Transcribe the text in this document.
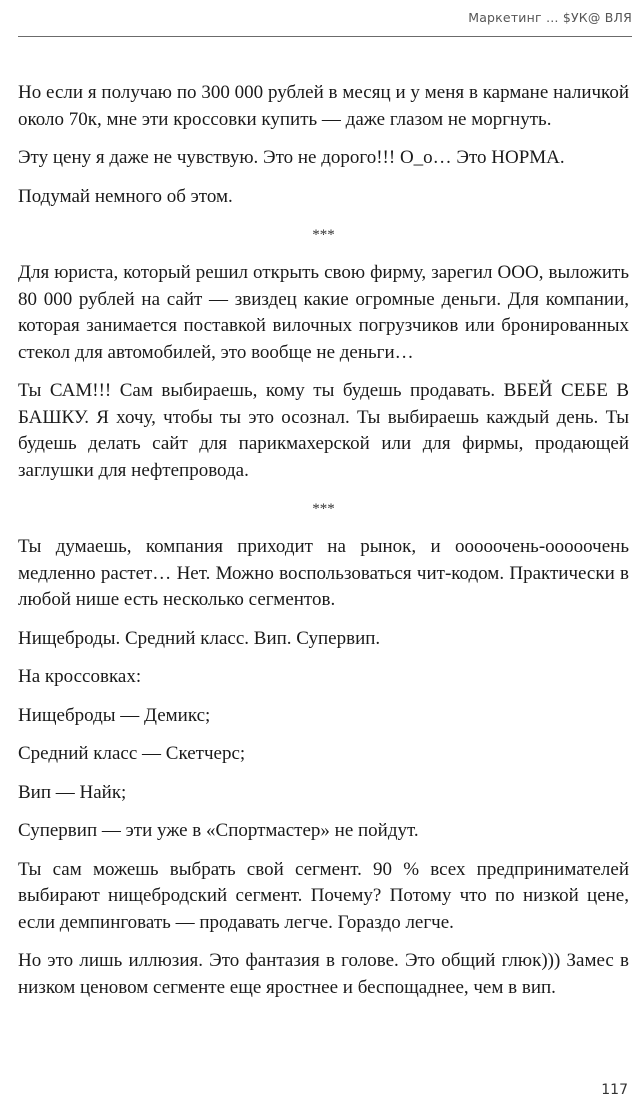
Маркетинг … $УК@ ВЛЯ

Но если я получаю по 300 000 рублей в месяц и у меня в кармане наличкой около 70к, мне эти кроссовки купить — даже глазом не моргнуть.

Эту цену я даже не чувствую. Это не дорого!!! О_о… Это НОРМА.

Подумай немного об этом.

***

Для юриста, который решил открыть свою фирму, зарегил ООО, выложить 80 000 рублей на сайт — звиздец какие огромные деньги. Для компании, которая занимается поставкой вилочных погрузчиков или бронированных стекол для автомобилей, это вообще не деньги…

Ты САМ!!! Сам выбираешь, кому ты будешь продавать. ВБЕЙ СЕБЕ В БАШКУ. Я хочу, чтобы ты это осознал. Ты выбираешь каждый день. Ты будешь делать сайт для парикмахерской или для фирмы, продающей заглушки для нефтепровода.

***

Ты думаешь, компания приходит на рынок, и ооооочень-ооооочень медленно растет… Нет. Можно воспользоваться чит-кодом. Практически в любой нише есть несколько сегментов.

Нищеброды. Средний класс. Вип. Супервип.

На кроссовках:

Нищеброды — Демикс;

Средний класс — Скетчерс;

Вип — Найк;

Супервип — эти уже в «Спортмастер» не пойдут.

Ты сам можешь выбрать свой сегмент. 90 % всех предпринимателей выбирают нищебродский сегмент. Почему? Потому что по низкой цене, если демпинговать — продавать легче. Гораздо легче.

Но это лишь иллюзия. Это фантазия в голове. Это общий глюк))) Замес в низком ценовом сегменте еще яростнее и беспощаднее, чем в вип.

117
